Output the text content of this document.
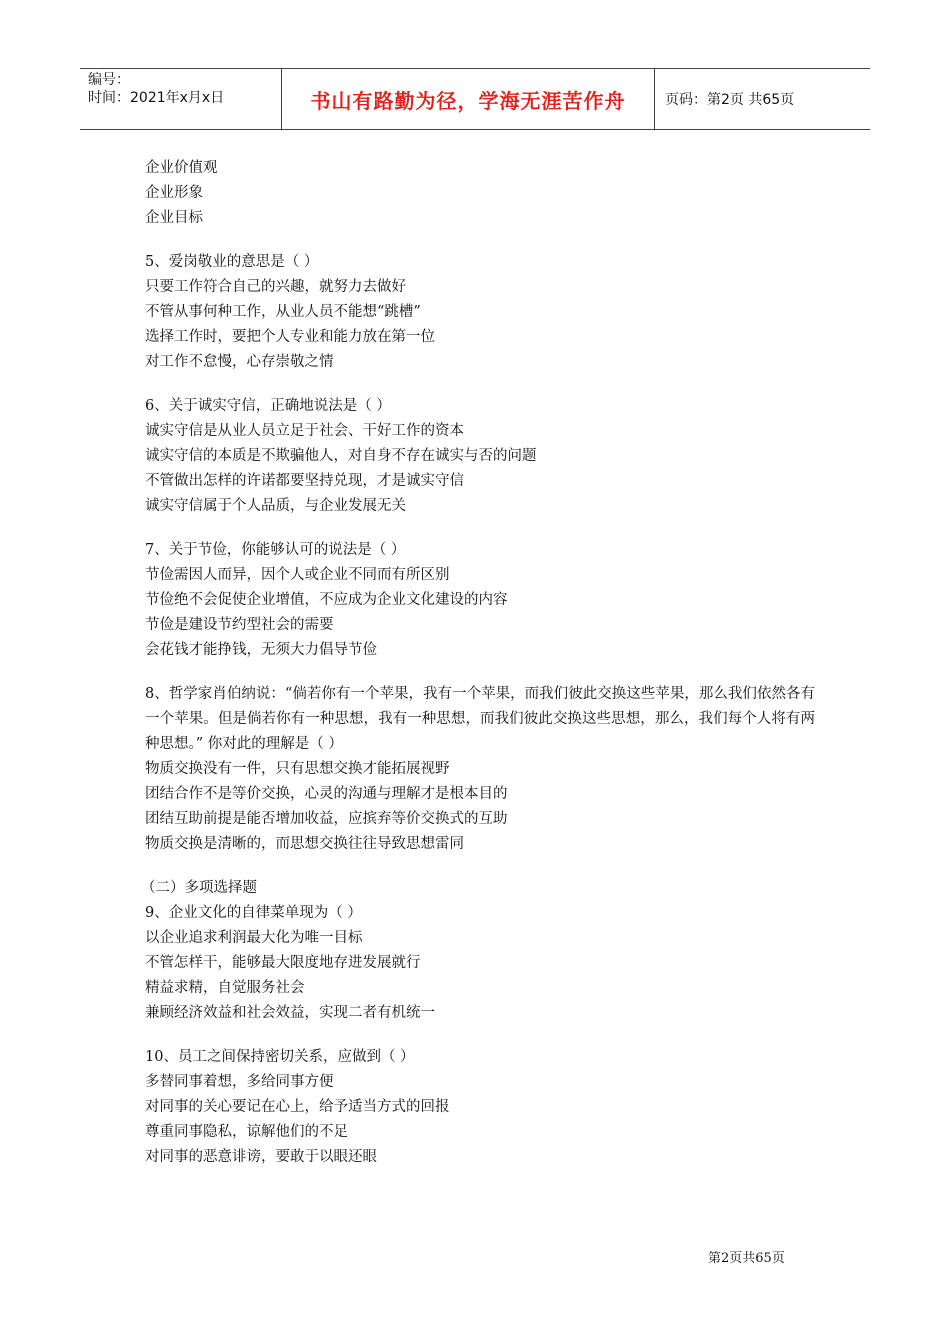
编号：
时间：2021年x月x日	书山有路勤为径，学海无涯苦作舟	页码：第2页 共65页
企业价值观
企业形象
企业目标
5、爱岗敬业的意思是（ ）
只要工作符合自己的兴趣，就努力去做好
不管从事何种工作，从业人员不能想“跳槽”
选择工作时，要把个人专业和能力放在第一位
对工作不怠慢，心存崇敬之情
6、关于诚实守信，正确地说法是（ ）
诚实守信是从业人员立足于社会、干好工作的资本
诚实守信的本质是不欺骗他人，对自身不存在诚实与否的问题
不管做出怎样的许诺都要坚持兑现，才是诚实守信
诚实守信属于个人品质，与企业发展无关
7、关于节俭，你能够认可的说法是（ ）
节俭需因人而异，因个人或企业不同而有所区别
节俭绝不会促使企业增值，不应成为企业文化建设的内容
节俭是建设节约型社会的需要
会花钱才能挣钱，无须大力倡导节俭
8、哲学家肖伯纳说：“倘若你有一个苹果，我有一个苹果，而我们彼此交换这些苹果，那么我们依然各有一个苹果。但是倘若你有一种思想，我有一种思想，而我们彼此交换这些思想，那么，我们每个人将有两种思想。” 你对此的理解是（ ）
物质交换没有一件，只有思想交换才能拓展视野
团结合作不是等价交换，心灵的沟通与理解才是根本目的
团结互助前提是能否增加收益，应摈弃等价交换式的互助
物质交换是清晰的，而思想交换往往导致思想雷同
（二）多项选择题
9、企业文化的自律菜单现为（ ）
以企业追求利润最大化为唯一目标
不管怎样干，能够最大限度地存进发展就行
精益求精，自觉服务社会
兼顾经济效益和社会效益，实现二者有机统一
10、员工之间保持密切关系，应做到（ ）
多替同事着想，多给同事方便
对同事的关心要记在心上，给予适当方式的回报
尊重同事隐私，谅解他们的不足
对同事的恶意诽谤，要敢于以眼还眼
第2页共65页
